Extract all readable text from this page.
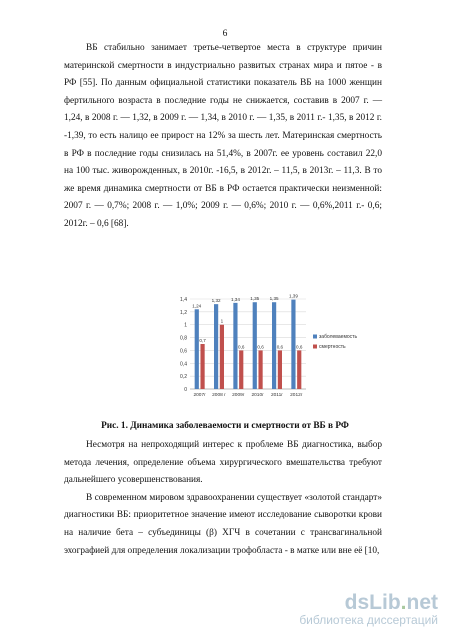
6
ВБ стабильно занимает третье-четвертое места в структуре причин материнской смертности в индустриально развитых странах мира и пятое - в РФ [55]. По данным официальной статистики показатель ВБ на 1000 женщин фертильного возраста в последние годы не снижается, составив в 2007 г. — 1,24, в 2008 г. — 1,32, в 2009 г. — 1,34, в 2010 г. — 1,35, в 2011 г.- 1,35, в 2012 г. -1,39, то есть налицо ее прирост на 12% за шесть лет. Материнская смертность в РФ в последние годы снизилась на 51,4%, в 2007г. ее уровень составил 22,0 на 100 тыс. живорожденных, в 2010г. -16,5, в 2012г. – 11,5, в 2013г. – 11,3. В то же время динамика смертности от ВБ в РФ остается практически неизменной: 2007 г. — 0,7%; 2008 г. — 1,0%; 2009 г. — 0,6%; 2010 г. — 0,6%,2011 г.- 0,6; 2012г. – 0,6 [68].
0
0,2
0,4
0,6
0,8
1
1,2
1,4
1,24
0,7
2007г
1,32
1
2008 г
1,34
0,6
2009г
1,35
0,6
2010г
1,35
0,6
2011г
1,39
0,6
2012г
заболеваемость
смертность
Рис. 1. Динамика заболеваемости и смертности от ВБ в РФ
Несмотря на непроходящий интерес к проблеме ВБ диагностика, выбор метода лечения, определение объема хирургического вмешательства требуют дальнейшего усовершенствования.
В современном мировом здравоохранении существует «золотой стандарт» диагностики ВБ: приоритетное значение имеют исследование сыворотки крови на наличие бета – субъединицы (β) ХГЧ в сочетании с трансвагинальной эхографией для определения локализации трофобласта - в матке или вне её [10,
dsLib.net
библиотека диссертаций
